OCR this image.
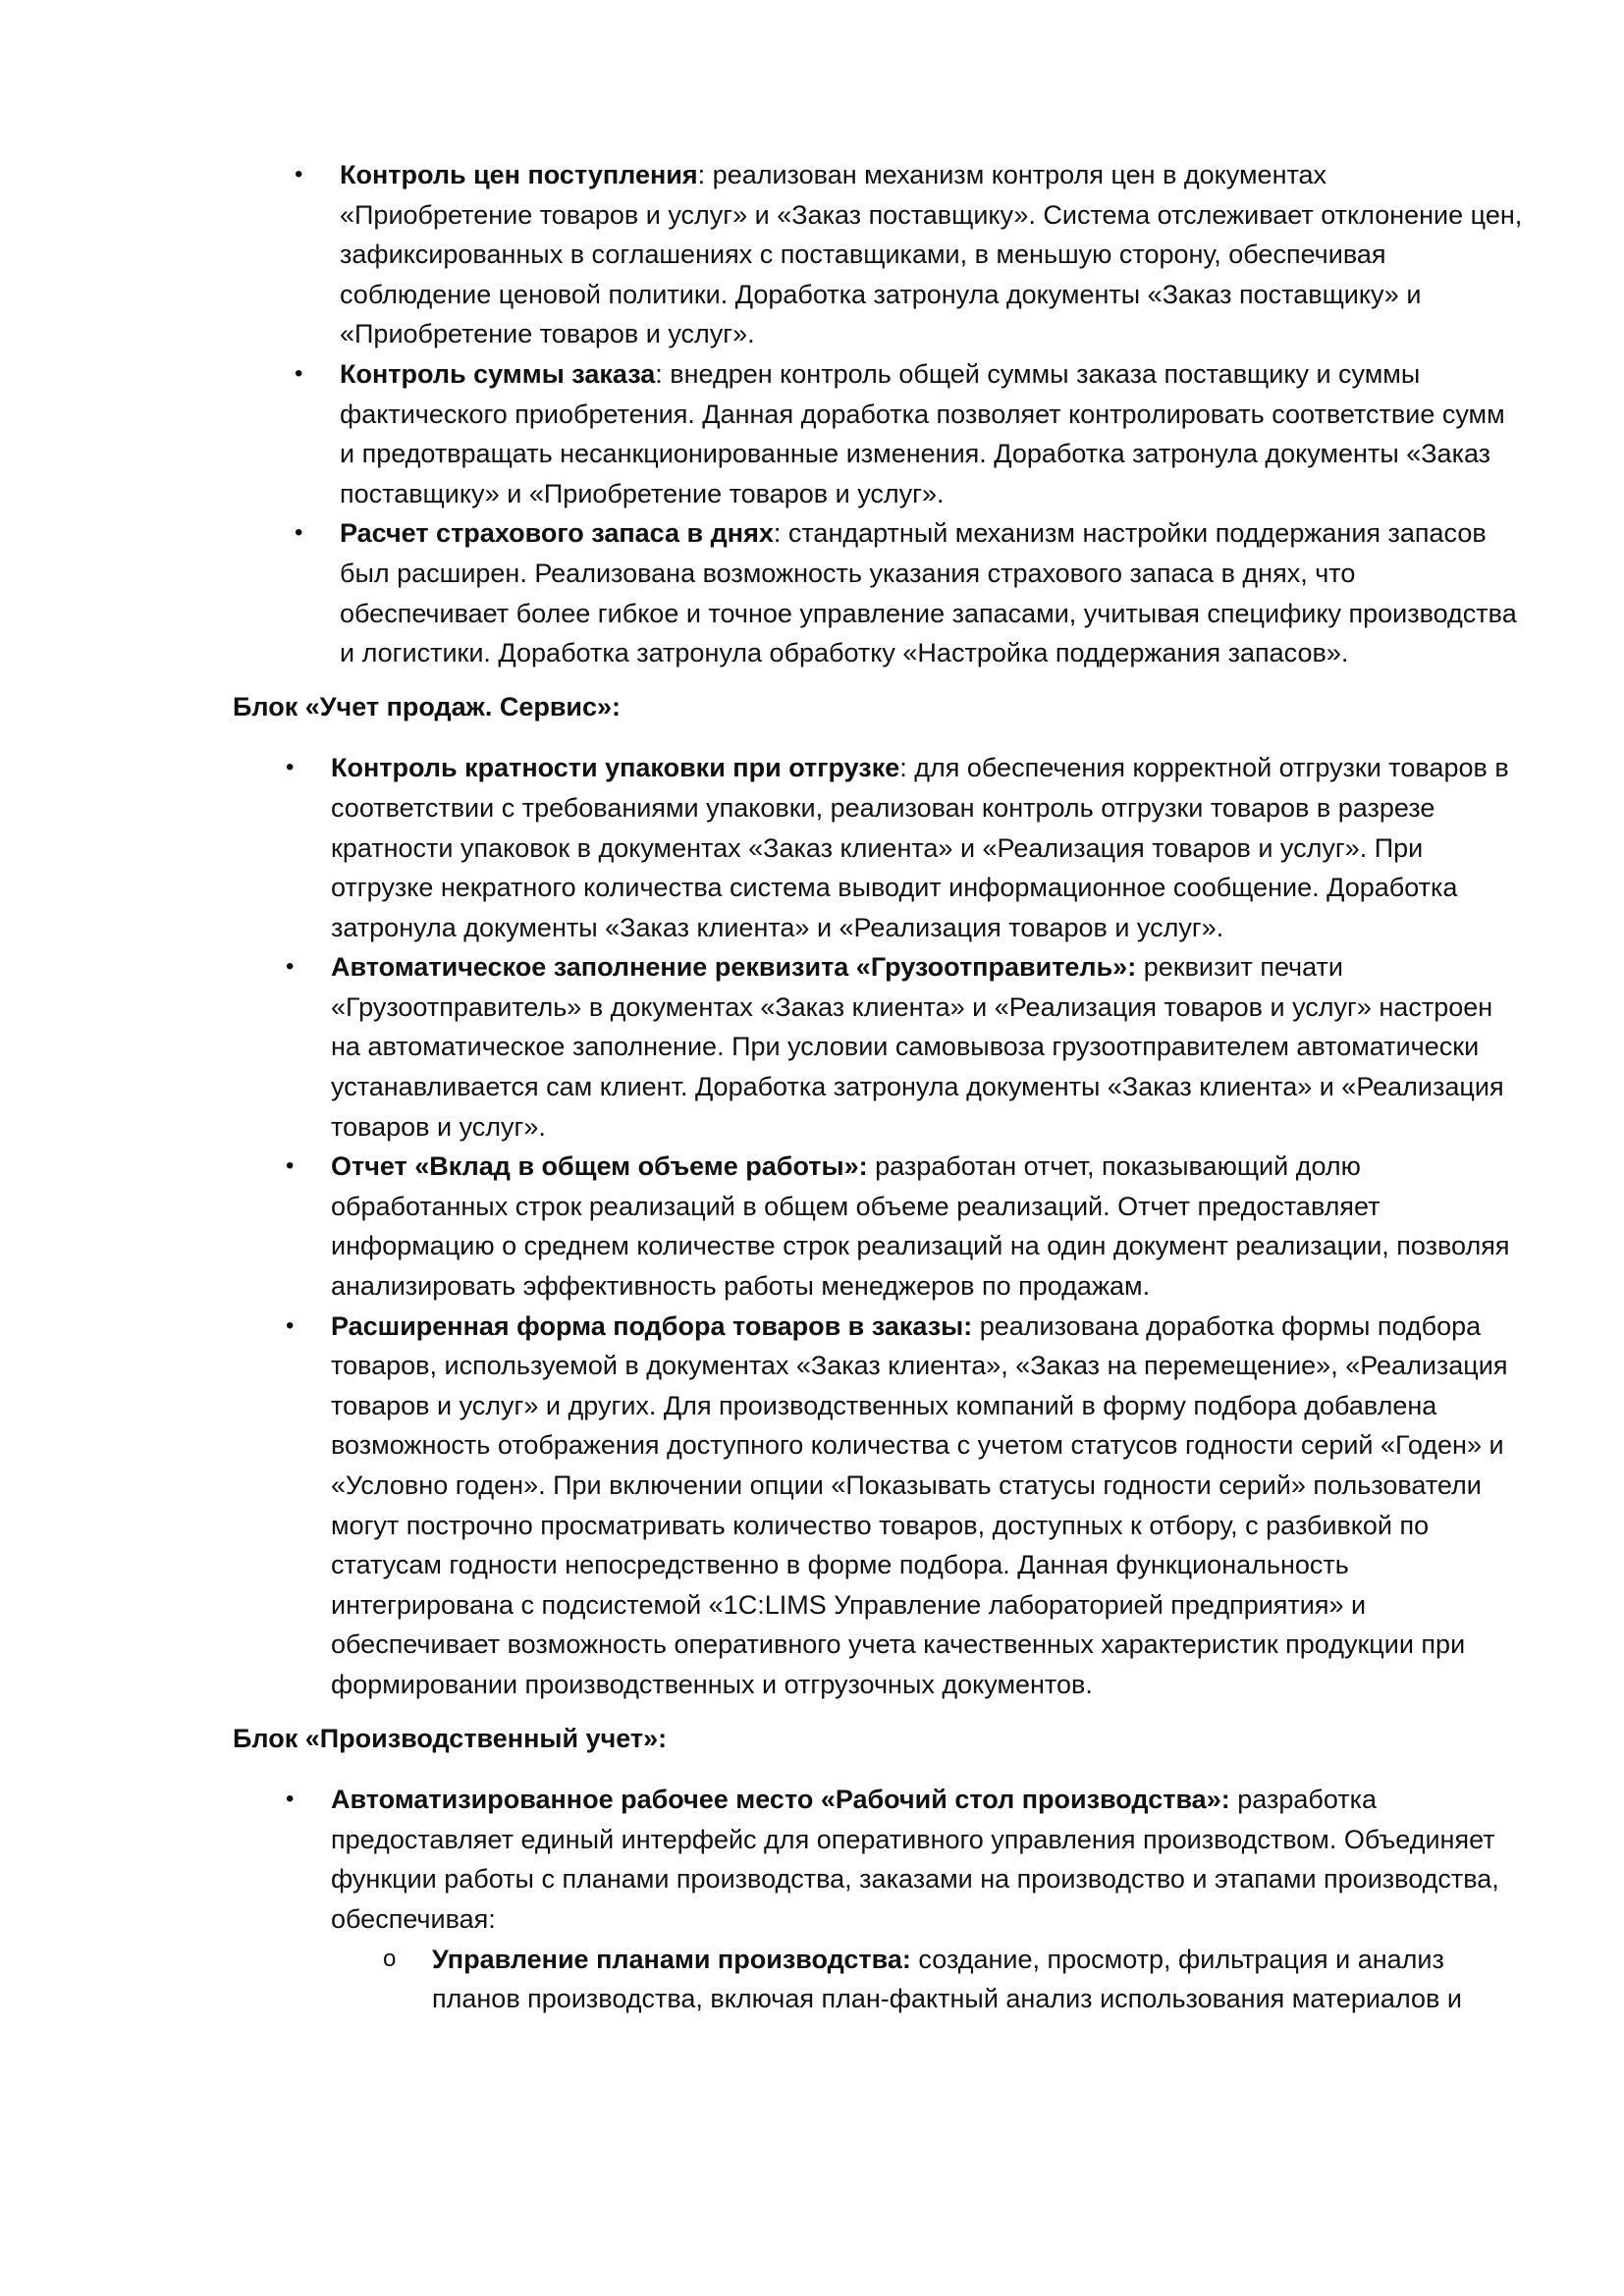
• Контроль цен поступления: реализован механизм контроля цен в документах «Приобретение товаров и услуг» и «Заказ поставщику». Система отслеживает отклонение цен, зафиксированных в соглашениях с поставщиками, в меньшую сторону, обеспечивая соблюдение ценовой политики. Доработка затронула документы «Заказ поставщику» и «Приобретение товаров и услуг».
• Контроль суммы заказа: внедрен контроль общей суммы заказа поставщику и суммы фактического приобретения. Данная доработка позволяет контролировать соответствие сумм и предотвращать несанкционированные изменения. Доработка затронула документы «Заказ поставщику» и «Приобретение товаров и услуг».
• Расчет страхового запаса в днях: стандартный механизм настройки поддержания запасов был расширен. Реализована возможность указания страхового запаса в днях, что обеспечивает более гибкое и точное управление запасами, учитывая специфику производства и логистики. Доработка затронула обработку «Настройка поддержания запасов».

Блок «Учет продаж. Сервис»:

• Контроль кратности упаковки при отгрузке: для обеспечения корректной отгрузки товаров в соответствии с требованиями упаковки, реализован контроль отгрузки товаров в разрезе кратности упаковок в документах «Заказ клиента» и «Реализация товаров и услуг». При отгрузке некратного количества система выводит информационное сообщение. Доработка затронула документы «Заказ клиента» и «Реализация товаров и услуг».
• Автоматическое заполнение реквизита «Грузоотправитель»: реквизит печати «Грузоотправитель» в документах «Заказ клиента» и «Реализация товаров и услуг» настроен на автоматическое заполнение. При условии самовывоза грузоотправителем автоматически устанавливается сам клиент. Доработка затронула документы «Заказ клиента» и «Реализация товаров и услуг».
• Отчет «Вклад в общем объеме работы»: разработан отчет, показывающий долю обработанных строк реализаций в общем объеме реализаций. Отчет предоставляет информацию о среднем количестве строк реализаций на один документ реализации, позволяя анализировать эффективность работы менеджеров по продажам.
• Расширенная форма подбора товаров в заказы: реализована доработка формы подбора товаров, используемой в документах «Заказ клиента», «Заказ на перемещение», «Реализация товаров и услуг» и других. Для производственных компаний в форму подбора добавлена возможность отображения доступного количества с учетом статусов годности серий «Годен» и «Условно годен». При включении опции «Показывать статусы годности серий» пользователи могут построчно просматривать количество товаров, доступных к отбору, с разбивкой по статусам годности непосредственно в форме подбора. Данная функциональность интегрирована с подсистемой «1С:LIMS Управление лабораторией предприятия» и обеспечивает возможность оперативного учета качественных характеристик продукции при формировании производственных и отгрузочных документов.

Блок «Производственный учет»:

• Автоматизированное рабочее место «Рабочий стол производства»: разработка предоставляет единый интерфейс для оперативного управления производством. Объединяет функции работы с планами производства, заказами на производство и этапами производства, обеспечивая:
o Управление планами производства: создание, просмотр, фильтрация и анализ планов производства, включая план-фактный анализ использования материалов и
